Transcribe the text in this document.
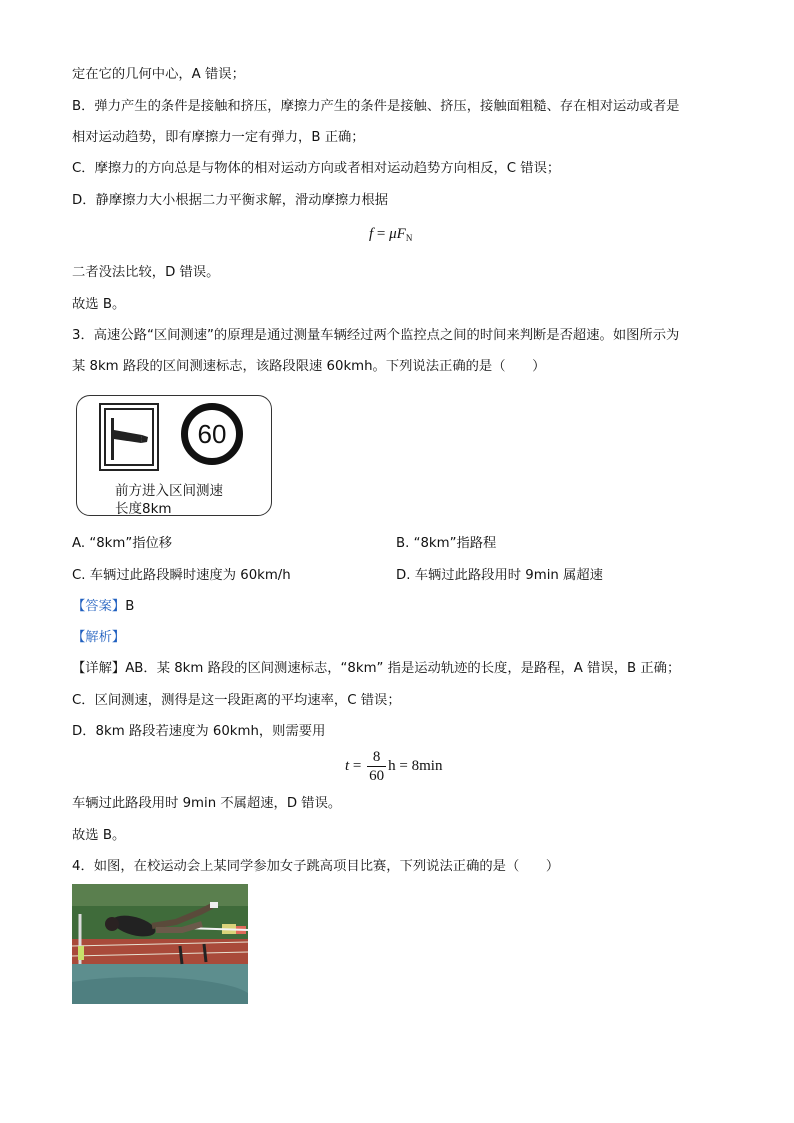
定在它的几何中心，A 错误；
B．弹力产生的条件是接触和挤压，摩擦力产生的条件是接触、挤压，接触面粗糙、存在相对运动或者是
相对运动趋势，即有摩擦力一定有弹力，B 正确；
C．摩擦力的方向总是与物体的相对运动方向或者相对运动趋势方向相反，C 错误；
D．静摩擦力大小根据二力平衡求解，滑动摩擦力根据
$f = \mu F_N$
二者没法比较，D 错误。
故选 B。
3．高速公路“区间测速”的原理是通过测量车辆经过两个监控点之间的时间来判断是否超速。如图所示为
某 8km 路段的区间测速标志，该路段限速 60kmh。下列说法正确的是（　　）
60
前方进入区间测速
长度8km
A. “8km”指位移	B. “8km”指路程
C. 车辆过此路段瞬时速度为 60km/h	D. 车辆过此路段用时 9min 属超速
【答案】B
【解析】
【详解】AB．某 8km 路段的区间测速标志，“8km” 指是运动轨迹的长度，是路程，A 错误，B 正确；
C．区间测速，测得是这一段距离的平均速率，C 错误；
D．8km 路段若速度为 60kmh，则需要用
$t = \frac{8}{60}$ h = 8min
车辆过此路段用时 9min 不属超速，D 错误。
故选 B。
4．如图，在校运动会上某同学参加女子跳高项目比赛，下列说法正确的是（　　）
